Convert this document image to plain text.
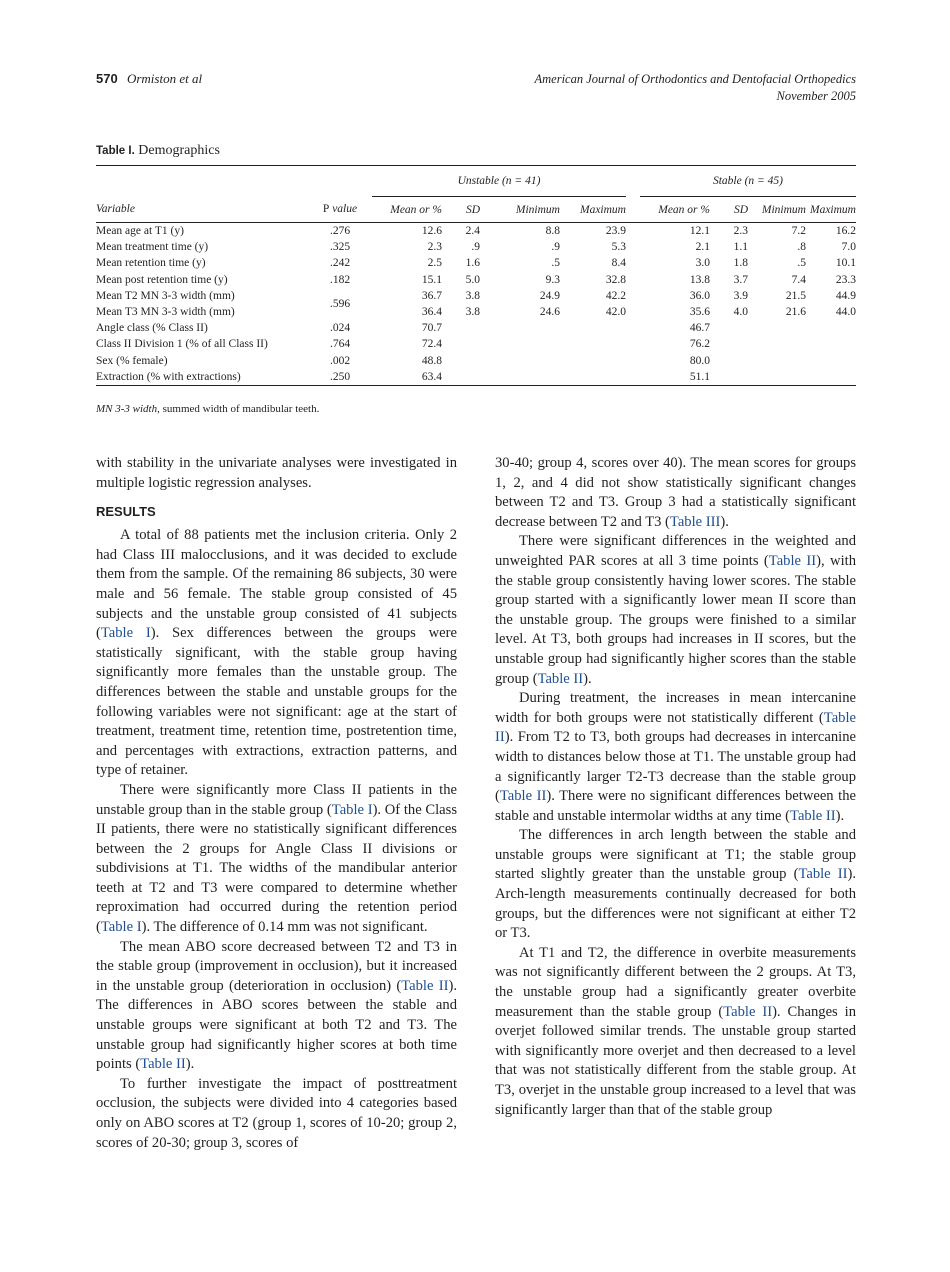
570 Ormiston et al	American Journal of Orthodontics and Dentofacial Orthopedics
November 2005
Table I. Demographics
		Unstable (n = 41)					Stable (n = 45)			
Variable	P value	Mean or %	SD	Minimum	Maximum		Mean or %	SD	Minimum	Maximum
Mean age at T1 (y)	.276	12.6	2.4	8.8	23.9		12.1	2.3	7.2	16.2
Mean treatment time (y)	.325	2.3	.9	.9	5.3		2.1	1.1	.8	7.0
Mean retention time (y)	.242	2.5	1.6	.5	8.4		3.0	1.8	.5	10.1
Mean post retention time (y)	.182	15.1	5.0	9.3	32.8		13.8	3.7	7.4	23.3
Mean T2 MN 3-3 width (mm)	.596	36.7	3.8	24.9	42.2		36.0	3.9	21.5	44.9
Mean T3 MN 3-3 width (mm)		36.4	3.8	24.6	42.0		35.6	4.0	21.6	44.0
Angle class (% Class II)	.024	70.7					46.7			
Class II Division 1 (% of all Class II)	.764	72.4					76.2			
Sex (% female)	.002	48.8					80.0			
Extraction (% with extractions)	.250	63.4					51.1			
MN 3-3 width, summed width of mandibular teeth.

with stability in the univariate analyses were investigated in multiple logistic regression analyses.

RESULTS

A total of 88 patients met the inclusion criteria. Only 2 had Class III malocclusions, and it was decided to exclude them from the sample. Of the remaining 86 subjects, 30 were male and 56 female. The stable group consisted of 45 subjects and the unstable group consisted of 41 subjects (Table I). Sex differences between the groups were statistically significant, with the stable group having significantly more females than the unstable group. The differences between the stable and unstable groups for the following variables were not significant: age at the start of treatment, treatment time, retention time, postretention time, and percentages with extractions, extraction patterns, and type of retainer.

There were significantly more Class II patients in the unstable group than in the stable group (Table I). Of the Class II patients, there were no statistically significant differences between the 2 groups for Angle Class II divisions or subdivisions at T1. The widths of the mandibular anterior teeth at T2 and T3 were compared to determine whether reproximation had occurred during the retention period (Table I). The difference of 0.14 mm was not significant.

The mean ABO score decreased between T2 and T3 in the stable group (improvement in occlusion), but it increased in the unstable group (deterioration in occlusion) (Table II). The differences in ABO scores between the stable and unstable groups were significant at both T2 and T3. The unstable group had significantly higher scores at both time points (Table II).

To further investigate the impact of posttreatment occlusion, the subjects were divided into 4 categories based only on ABO scores at T2 (group 1, scores of 10-20; group 2, scores of 20-30; group 3, scores of

30-40; group 4, scores over 40). The mean scores for groups 1, 2, and 4 did not show statistically significant changes between T2 and T3. Group 3 had a statistically significant decrease between T2 and T3 (Table III).

There were significant differences in the weighted and unweighted PAR scores at all 3 time points (Table II), with the stable group consistently having lower scores. The stable group started with a significantly lower mean II score than the unstable group. The groups were finished to a similar level. At T3, both groups had increases in II scores, but the unstable group had significantly higher scores than the stable group (Table II).

During treatment, the increases in mean intercanine width for both groups were not statistically different (Table II). From T2 to T3, both groups had decreases in intercanine width to distances below those at T1. The unstable group had a significantly larger T2-T3 decrease than the stable group (Table II). There were no significant differences between the stable and unstable intermolar widths at any time (Table II).

The differences in arch length between the stable and unstable groups were significant at T1; the stable group started slightly greater than the unstable group (Table II). Arch-length measurements continually decreased for both groups, but the differences were not significant at either T2 or T3.

At T1 and T2, the difference in overbite measurements was not significantly different between the 2 groups. At T3, the unstable group had a significantly greater overbite measurement than the stable group (Table II). Changes in overjet followed similar trends. The unstable group started with significantly more overjet and then decreased to a level that was not statistically different from the stable group. At T3, overjet in the unstable group increased to a level that was significantly larger than that of the stable group
